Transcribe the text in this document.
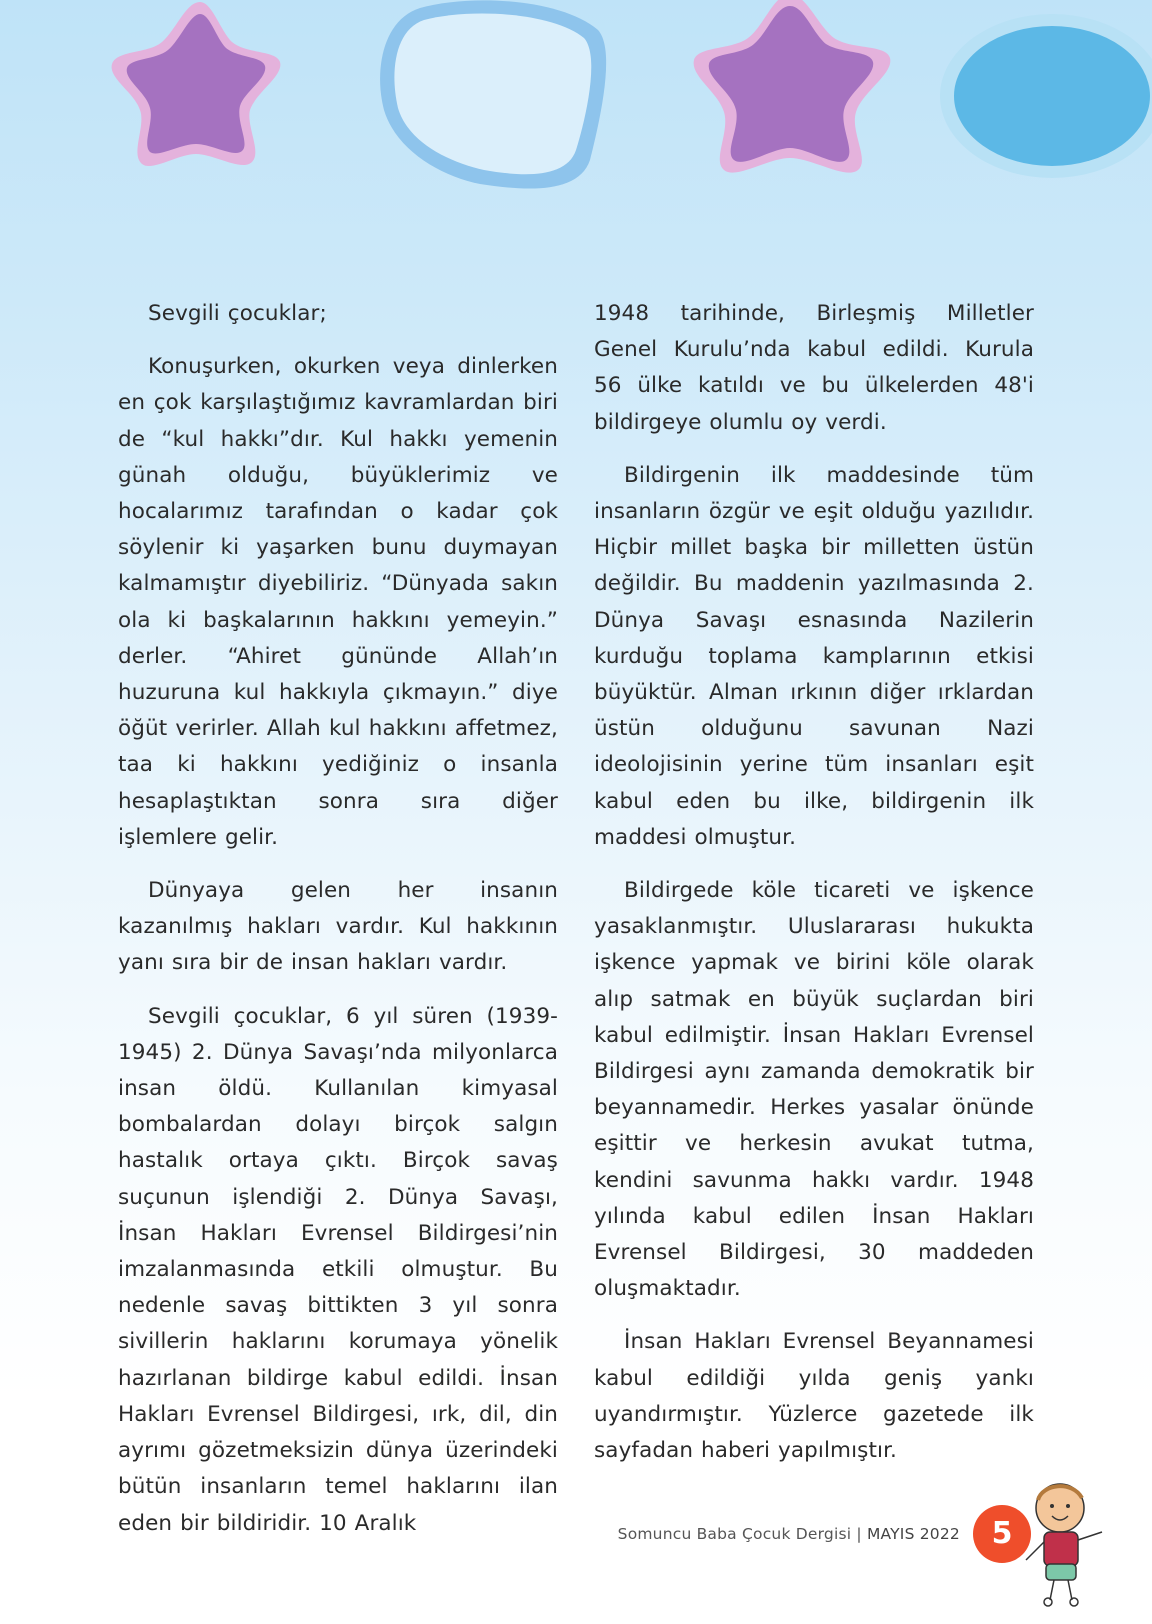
Sevgili çocuklar;

Konuşurken, okurken veya dinlerken en çok karşılaştığımız kavramlardan biri de “kul hakkı”dır. Kul hakkı yemenin günah olduğu, büyüklerimiz ve hocalarımız tarafından o kadar çok söylenir ki yaşarken bunu duymayan kalmamıştır diyebiliriz. “Dünyada sakın ola ki başkalarının hakkını yemeyin.” derler. “Ahiret gününde Allah’ın huzuruna kul hakkıyla çıkmayın.” diye öğüt verirler. Allah kul hakkını affetmez, taa ki hakkını yediğiniz o insanla hesaplaştıktan sonra sıra diğer işlemlere gelir.

Dünyaya gelen her insanın kazanılmış hakları vardır. Kul hakkının yanı sıra bir de insan hakları vardır.

Sevgili çocuklar, 6 yıl süren (1939-1945) 2. Dünya Savaşı’nda milyonlarca insan öldü. Kullanılan kimyasal bombalardan dolayı birçok salgın hastalık ortaya çıktı. Birçok savaş suçunun işlendiği 2. Dünya Savaşı, İnsan Hakları Evrensel Bildirgesi’nin imzalanmasında etkili olmuştur. Bu nedenle savaş bittikten 3 yıl sonra sivillerin haklarını korumaya yönelik hazırlanan bildirge kabul edildi. İnsan Hakları Evrensel Bildirgesi, ırk, dil, din ayrımı gözetmeksizin dünya üzerindeki bütün insanların temel haklarını ilan eden bir bildiridir. 10 Aralık

1948 tarihinde, Birleşmiş Milletler Genel Kurulu’nda kabul edildi. Kurula 56 ülke katıldı ve bu ülkelerden 48'i bildirgeye olumlu oy verdi.

Bildirgenin ilk maddesinde tüm insanların özgür ve eşit olduğu yazılıdır. Hiçbir millet başka bir milletten üstün değildir. Bu maddenin yazılmasında 2. Dünya Savaşı esnasında Nazilerin kurduğu toplama kamplarının etkisi büyüktür. Alman ırkının diğer ırklardan üstün olduğunu savunan Nazi ideolojisinin yerine tüm insanları eşit kabul eden bu ilke, bildirgenin ilk maddesi olmuştur.

Bildirgede köle ticareti ve işkence yasaklanmıştır. Uluslararası hukukta işkence yapmak ve birini köle olarak alıp satmak en büyük suçlardan biri kabul edilmiştir. İnsan Hakları Evrensel Bildirgesi aynı zamanda demokratik bir beyannamedir. Herkes yasalar önünde eşittir ve herkesin avukat tutma, kendini savunma hakkı vardır. 1948 yılında kabul edilen İnsan Hakları Evrensel Bildirgesi, 30 maddeden oluşmaktadır.

İnsan Hakları Evrensel Beyannamesi kabul edildiği yılda geniş yankı uyandırmıştır. Yüzlerce gazetede ilk sayfadan haberi yapılmıştır.

Somuncu Baba Çocuk Dergisi | MAYIS 2022	5
